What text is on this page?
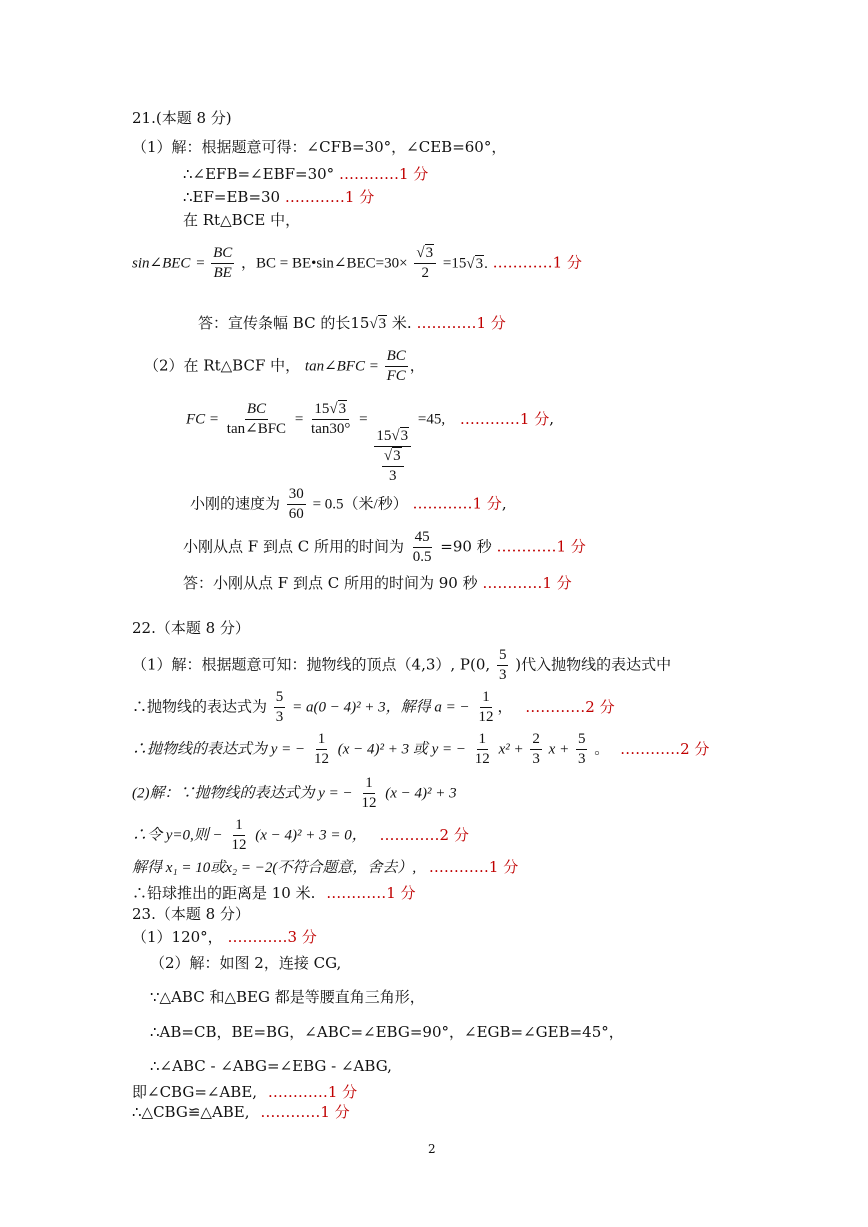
21.(本题 8 分)
（1）解：根据题意可得：∠CFB=30°，∠CEB=60°，
∴∠EFB=∠EBF=30° …………1 分
∴EF=EB=30 …………1 分
在 Rt△BCE 中，
sin∠BEC = $\frac{BC}{BE}$ ，BC = BE•sin∠BEC=30× $\frac{√3}{2} =15√3$. …………1 分
答：宣传条幅 BC 的长15√3 米. …………1 分
（2）在 Rt△BCF 中， tan∠BFC = $\frac{BC}{FC}$ ，
FC = $\frac{BC}{\text{tan∠BFC}} = \frac{15√3}{\tan 30^\circ}$ =
$\frac{15√3}{\frac{√3}{3}}$
=45, …………1 分,
小刚的速度为 $\frac{30}{60} = 0.5$（米/秒） …………1 分,
小刚从点 F 到点 C 所用的时间为 $\frac{45}{0.5} =90$ 秒 …………1 分
答：小刚从点 F 到点 C 所用的时间为 90 秒 …………1 分
22.（本题 8 分）
（1）解：根据题意可知：抛物线的顶点（4,3）, P(0, $\frac{5}{3}$ )代入抛物线的表达式中
∴抛物线的表达式为 $\frac{5}{3} = a(0 - 4)^2 + 3$，解得 a = − $\frac{1}{12}$ ， …………2 分
∴抛物线的表达式为 y = − $\frac{1}{12} (x - 4)^2 + 3$ 或 y = − $\frac{1}{12} x^2 + \frac{2}{3}$ $x + \frac{5}{3}$ 。 …………2 分
(2)解：∵抛物线的表达式为 y = − $\frac{1}{12} (x - 4)^2 + 3$
∴令 y=0,则 − $\frac{1}{12} (x - 4)^2 + 3 = 0$， …………2 分
解得 x₁ = 10或x₂ = −2(不符合题意，舍去）, …………1 分
∴铅球推出的距离是 10 米. …………1 分
23.（本题 8 分）
（1）120°， …………3 分
（2）解：如图 2，连接 CG,
∵△ABC 和△BEG 都是等腰直角三角形，
∴AB=CB，BE=BG，∠ABC=∠EBG=90°，∠EGB=∠GEB=45°，
∴∠ABC - ∠ABG=∠EBG - ∠ABG,
即∠CBG=∠ABE, …………1 分
∴△CBG≌△ABE, …………1 分
2
